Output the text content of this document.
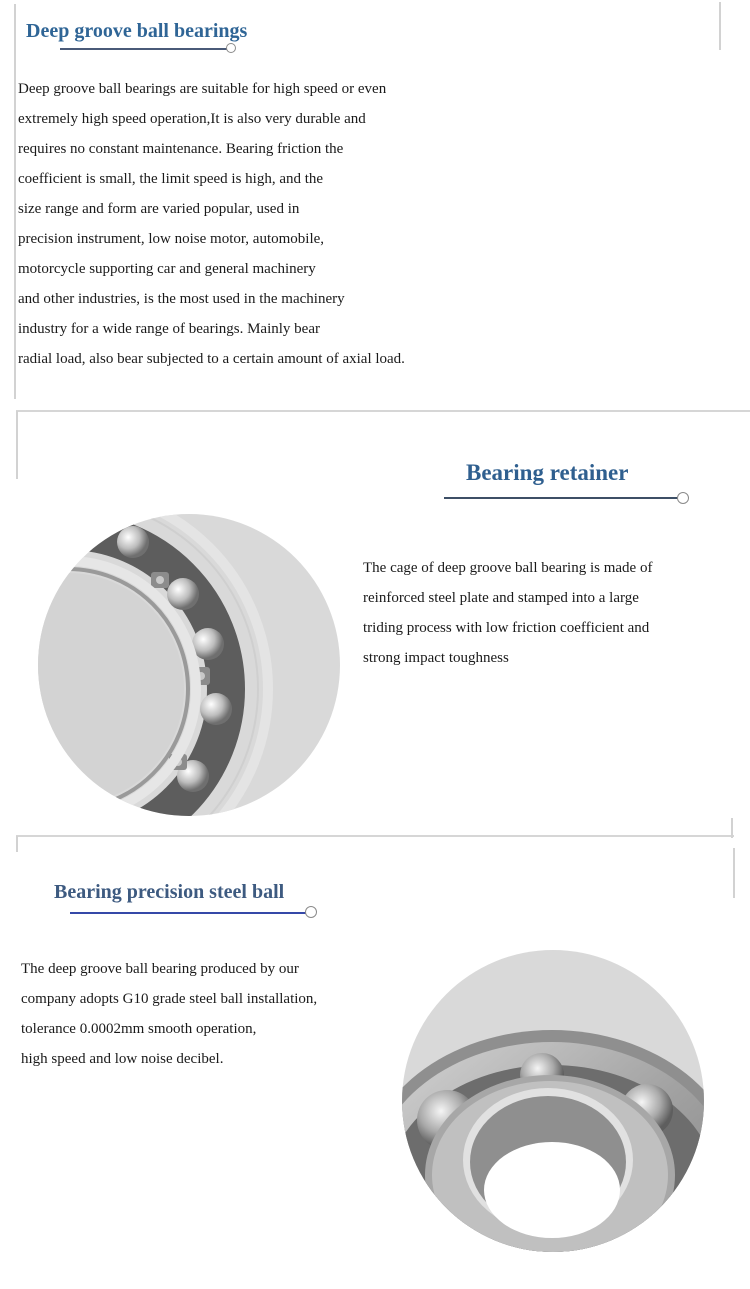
Deep groove ball bearings
Deep groove ball bearings are suitable for high speed or even
extremely high speed operation,It is also very durable and
requires no constant maintenance. Bearing friction the
coefficient is small, the limit speed is high, and the
size range and form are varied popular, used in
precision instrument, low noise motor, automobile,
motorcycle supporting car and general machinery
and other industries, is the most used in the machinery
industry for a wide range of bearings. Mainly bear
radial load, also bear subjected to a certain amount of axial load.
Bearing retainer
The cage of deep groove ball bearing is made of
reinforced steel plate and stamped into a large
triding process with low friction coefficient and
strong impact toughness
Bearing precision steel ball
The deep groove ball bearing produced by our
company adopts G10 grade steel ball installation,
tolerance 0.0002mm smooth operation,
high speed and low noise decibel.
